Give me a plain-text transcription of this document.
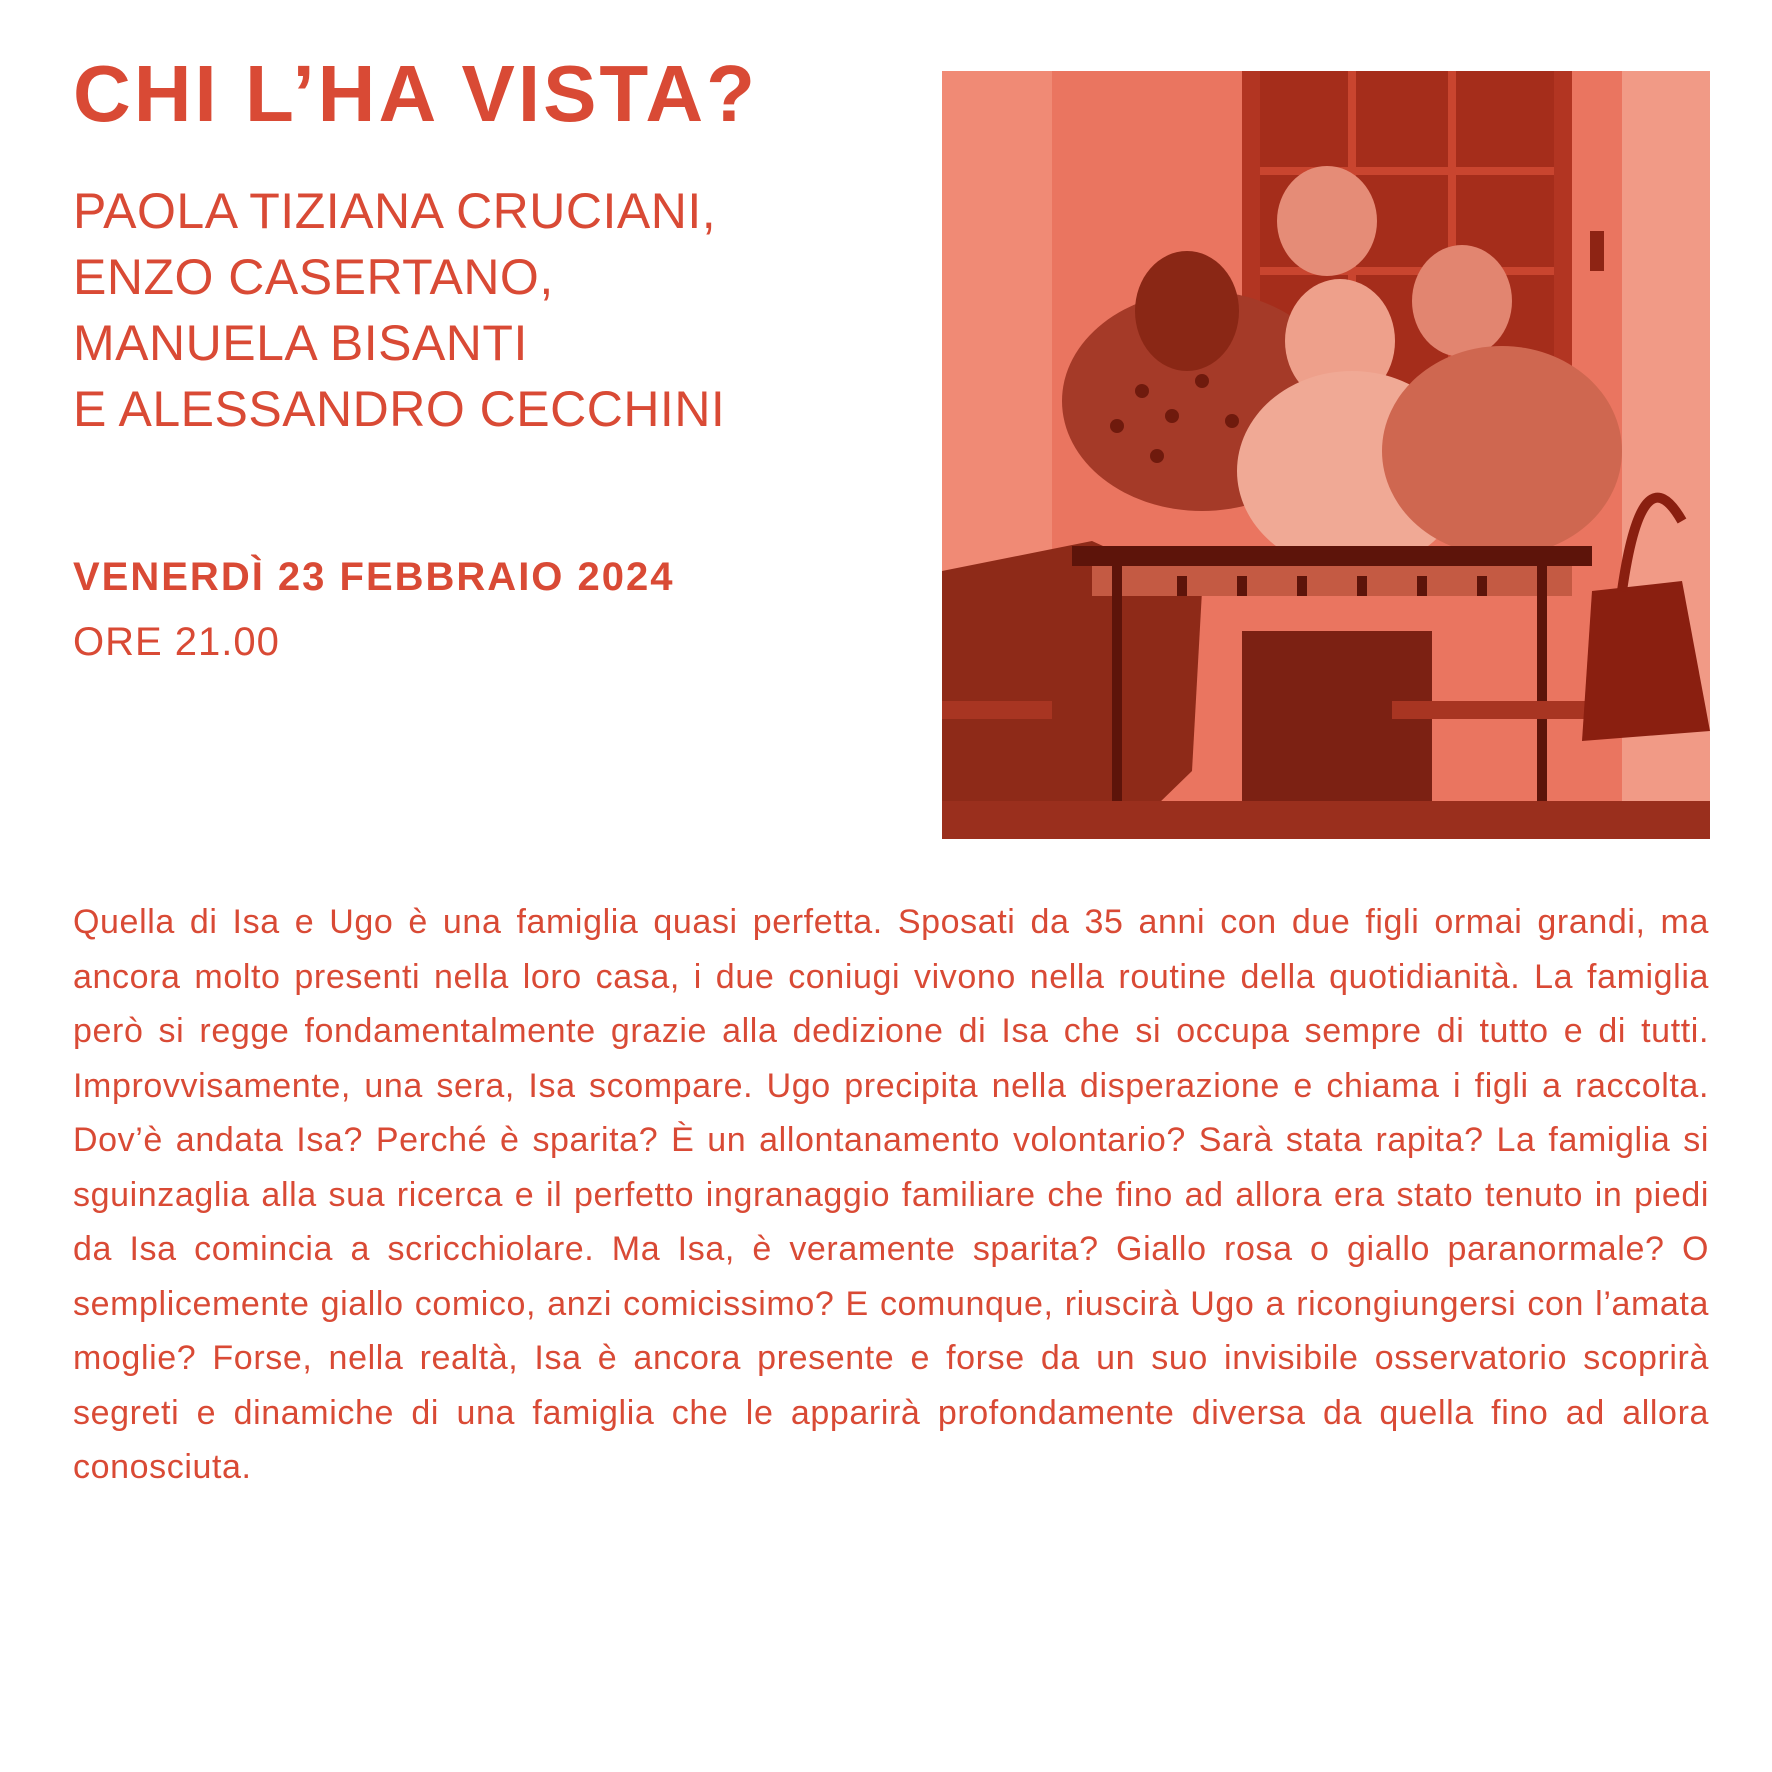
CHI L’HA VISTA?
PAOLA TIZIANA CRUCIANI,
ENZO CASERTANO,
MANUELA BISANTI
E ALESSANDRO CECCHINI
VENERDÌ 23 FEBBRAIO 2024
ORE 21.00

Quella di Isa e Ugo è una famiglia quasi perfetta. Sposati da 35 anni con due figli ormai grandi, ma ancora molto presenti nella loro casa, i due coniugi vivono nella routine della quotidianità. La famiglia però si regge fondamentalmente grazie alla dedizione di Isa che si occupa sempre di tutto e di tutti. Improvvisamente, una sera, Isa scompare. Ugo precipita nella disperazione e chiama i figli a raccolta. Dov’è andata Isa? Perché è sparita? È un allontanamento volontario? Sarà stata rapita? La famiglia si sguinzaglia alla sua ricerca e il perfetto ingranaggio familiare che fino ad allora era stato tenuto in piedi da Isa comincia a scricchiolare. Ma Isa, è veramente sparita? Giallo rosa o giallo paranormale? O semplicemente giallo comico, anzi comicissimo? E comunque, riuscirà Ugo a ricongiungersi con l’amata moglie? Forse, nella realtà, Isa è ancora presente e forse da un suo invisibile osservatorio scoprirà segreti e dinamiche di una famiglia che le apparirà profondamente diversa da quella fino ad allora conosciuta.
